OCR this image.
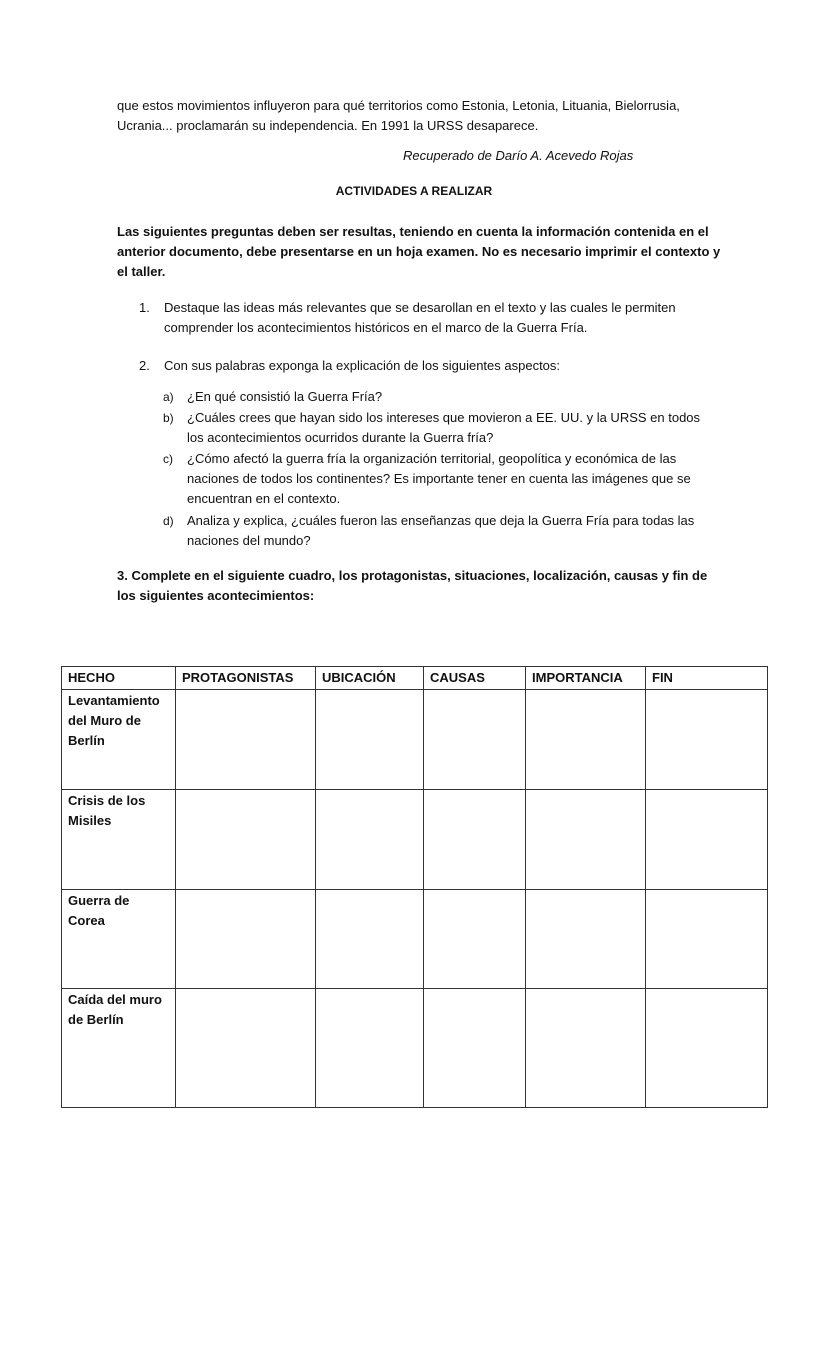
que estos movimientos influyeron para qué territorios como Estonia, Letonia, Lituania, Bielorrusia, Ucrania... proclamarán su independencia. En 1991 la URSS desaparece.
Recuperado de Darío A. Acevedo Rojas
ACTIVIDADES A REALIZAR
Las siguientes preguntas deben ser resultas, teniendo en cuenta la información contenida en el anterior documento, debe presentarse en un hoja examen. No es necesario imprimir el contexto y el taller.
1. Destaque las ideas más relevantes que se desarollan en el texto y las cuales le permiten comprender los acontecimientos históricos en el marco de la Guerra Fría.
2. Con sus palabras exponga la explicación de los siguientes aspectos:
a) ¿En qué consistió la Guerra Fría?
b) ¿Cuáles crees que hayan sido los intereses que movieron a EE. UU. y la URSS en todos los acontecimientos ocurridos durante la Guerra fría?
c) ¿Cómo afectó la guerra fría la organización territorial, geopolítica y económica de las naciones de todos los continentes? Es importante tener en cuenta las imágenes que se encuentran en el contexto.
d) Analiza y explica, ¿cuáles fueron las enseñanzas que deja la Guerra Fría para todas las naciones del mundo?
3. Complete en el siguiente cuadro, los protagonistas, situaciones, localización, causas y fin de los siguientes acontecimientos:
HECHO	PROTAGONISTAS	UBICACIÓN	CAUSAS	IMPORTANCIA	FIN
Levantamiento del Muro de Berlín					
Crisis de los Misiles					
Guerra de Corea					
Caída del muro de Berlín					
